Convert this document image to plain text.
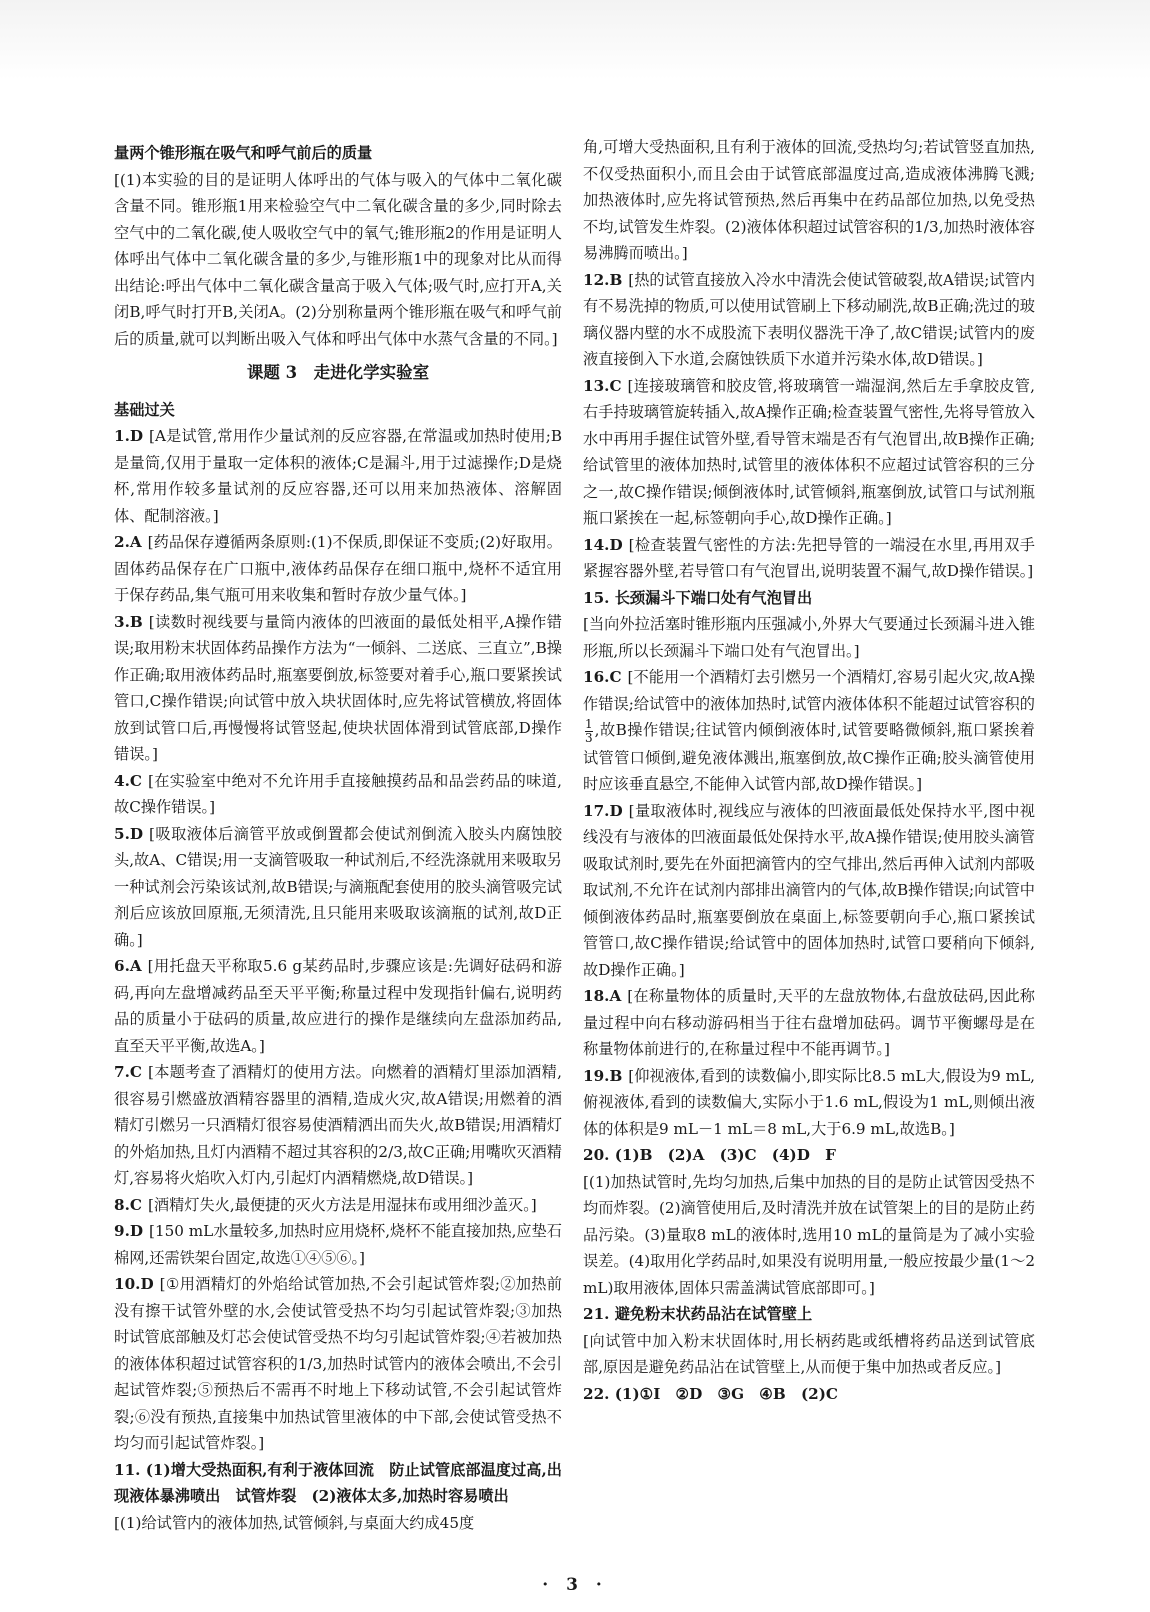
量两个锥形瓶在吸气和呼气前后的质量
[(1)本实验的目的是证明人体呼出的气体与吸入的气体中二氧化碳含量不同。锥形瓶1用来检验空气中二氧化碳含量的多少,同时除去空气中的二氧化碳,使人吸收空气中的氧气;锥形瓶2的作用是证明人体呼出气体中二氧化碳含量的多少,与锥形瓶1中的现象对比从而得出结论:呼出气体中二氧化碳含量高于吸入气体;吸气时,应打开A,关闭B,呼气时打开B,关闭A。(2)分别称量两个锥形瓶在吸气和呼气前后的质量,就可以判断出吸入气体和呼出气体中水蒸气含量的不同。]
课题 3　走进化学实验室
基础过关
1.D [A是试管,常用作少量试剂的反应容器,在常温或加热时使用;B是量筒,仅用于量取一定体积的液体;C是漏斗,用于过滤操作;D是烧杯,常用作较多量试剂的反应容器,还可以用来加热液体、溶解固体、配制溶液。]
2.A [药品保存遵循两条原则:(1)不保质,即保证不变质;(2)好取用。固体药品保存在广口瓶中,液体药品保存在细口瓶中,烧杯不适宜用于保存药品,集气瓶可用来收集和暂时存放少量气体。]
3.B [读数时视线要与量筒内液体的凹液面的最低处相平,A操作错误;取用粉末状固体药品操作方法为“一倾斜、二送底、三直立”,B操作正确;取用液体药品时,瓶塞要倒放,标签要对着手心,瓶口要紧挨试管口,C操作错误;向试管中放入块状固体时,应先将试管横放,将固体放到试管口后,再慢慢将试管竖起,使块状固体滑到试管底部,D操作错误。]
4.C [在实验室中绝对不允许用手直接触摸药品和品尝药品的味道,故C操作错误。]
5.D [吸取液体后滴管平放或倒置都会使试剂倒流入胶头内腐蚀胶头,故A、C错误;用一支滴管吸取一种试剂后,不经洗涤就用来吸取另一种试剂会污染该试剂,故B错误;与滴瓶配套使用的胶头滴管吸完试剂后应该放回原瓶,无须清洗,且只能用来吸取该滴瓶的试剂,故D正确。]
6.A [用托盘天平称取5.6 g某药品时,步骤应该是:先调好砝码和游码,再向左盘增减药品至天平平衡;称量过程中发现指针偏右,说明药品的质量小于砝码的质量,故应进行的操作是继续向左盘添加药品,直至天平平衡,故选A。]
7.C [本题考查了酒精灯的使用方法。向燃着的酒精灯里添加酒精,很容易引燃盛放酒精容器里的酒精,造成火灾,故A错误;用燃着的酒精灯引燃另一只酒精灯很容易使酒精洒出而失火,故B错误;用酒精灯的外焰加热,且灯内酒精不超过其容积的2/3,故C正确;用嘴吹灭酒精灯,容易将火焰吹入灯内,引起灯内酒精燃烧,故D错误。]
8.C [酒精灯失火,最便捷的灭火方法是用湿抹布或用细沙盖灭。]
9.D [150 mL水量较多,加热时应用烧杯,烧杯不能直接加热,应垫石棉网,还需铁架台固定,故选①④⑤⑥。]
10.D [①用酒精灯的外焰给试管加热,不会引起试管炸裂;②加热前没有擦干试管外壁的水,会使试管受热不均匀引起试管炸裂;③加热时试管底部触及灯芯会使试管受热不均匀引起试管炸裂;④若被加热的液体体积超过试管容积的1/3,加热时试管内的液体会喷出,不会引起试管炸裂;⑤预热后不需再不时地上下移动试管,不会引起试管炸裂;⑥没有预热,直接集中加热试管里液体的中下部,会使试管受热不均匀而引起试管炸裂。]
11. (1)增大受热面积,有利于液体回流　防止试管底部温度过高,出现液体暴沸喷出　试管炸裂　(2)液体太多,加热时容易喷出
[(1)给试管内的液体加热,试管倾斜,与桌面大约成45度
角,可增大受热面积,且有利于液体的回流,受热均匀;若试管竖直加热,不仅受热面积小,而且会由于试管底部温度过高,造成液体沸腾飞溅;加热液体时,应先将试管预热,然后再集中在药品部位加热,以免受热不均,试管发生炸裂。(2)液体体积超过试管容积的1/3,加热时液体容易沸腾而喷出。]
12.B [热的试管直接放入冷水中清洗会使试管破裂,故A错误;试管内有不易洗掉的物质,可以使用试管刷上下移动刷洗,故B正确;洗过的玻璃仪器内壁的水不成股流下表明仪器洗干净了,故C错误;试管内的废液直接倒入下水道,会腐蚀铁质下水道并污染水体,故D错误。]
13.C [连接玻璃管和胶皮管,将玻璃管一端湿润,然后左手拿胶皮管,右手持玻璃管旋转插入,故A操作正确;检查装置气密性,先将导管放入水中再用手握住试管外壁,看导管末端是否有气泡冒出,故B操作正确;给试管里的液体加热时,试管里的液体体积不应超过试管容积的三分之一,故C操作错误;倾倒液体时,试管倾斜,瓶塞倒放,试管口与试剂瓶瓶口紧挨在一起,标签朝向手心,故D操作正确。]
14.D [检查装置气密性的方法:先把导管的一端浸在水里,再用双手紧握容器外壁,若导管口有气泡冒出,说明装置不漏气,故D操作错误。]
15. 长颈漏斗下端口处有气泡冒出
[当向外拉活塞时锥形瓶内压强减小,外界大气要通过长颈漏斗进入锥形瓶,所以长颈漏斗下端口处有气泡冒出。]
16.C [不能用一个酒精灯去引燃另一个酒精灯,容易引起火灾,故A操作错误;给试管中的液体加热时,试管内液体体积不能超过试管容积的
$\frac{1}{3}$ ,故B操作错误;往试管内倾倒液体时,试管要略微倾斜,瓶口紧挨着试管管口倾倒,避免液体溅出,瓶塞倒放,故C操作正确;胶头滴管使用时应该垂直悬空,不能伸入试管内部,故D操作错误。]
17.D [量取液体时,视线应与液体的凹液面最低处保持水平,图中视线没有与液体的凹液面最低处保持水平,故A操作错误;使用胶头滴管吸取试剂时,要先在外面把滴管内的空气排出,然后再伸入试剂内部吸取试剂,不允许在试剂内部排出滴管内的气体,故B操作错误;向试管中倾倒液体药品时,瓶塞要倒放在桌面上,标签要朝向手心,瓶口紧挨试管管口,故C操作错误;给试管中的固体加热时,试管口要稍向下倾斜,故D操作正确。]
18.A [在称量物体的质量时,天平的左盘放物体,右盘放砝码,因此称量过程中向右移动游码相当于往右盘增加砝码。调节平衡螺母是在称量物体前进行的,在称量过程中不能再调节。]
19.B [仰视液体,看到的读数偏小,即实际比8.5 mL大,假设为9 mL,俯视液体,看到的读数偏大,实际小于1.6 mL,假设为1 mL,则倾出液体的体积是9 mL－1 mL＝8 mL,大于6.9 mL,故选B。]
20. (1)B　(2)A　(3)C　(4)D　F
[(1)加热试管时,先均匀加热,后集中加热的目的是防止试管因受热不均而炸裂。(2)滴管使用后,及时清洗并放在试管架上的目的是防止药品污染。(3)量取8 mL的液体时,选用10 mL的量筒是为了减小实验误差。(4)取用化学药品时,如果没有说明用量,一般应按最少量(1～2 mL)取用液体,固体只需盖满试管底部即可。]
21. 避免粉末状药品沾在试管壁上
[向试管中加入粉末状固体时,用长柄药匙或纸槽将药品送到试管底部,原因是避免药品沾在试管壁上,从而便于集中加热或者反应。]
22. (1)①I　②D　③G　④B　(2)C
· 3 ·
